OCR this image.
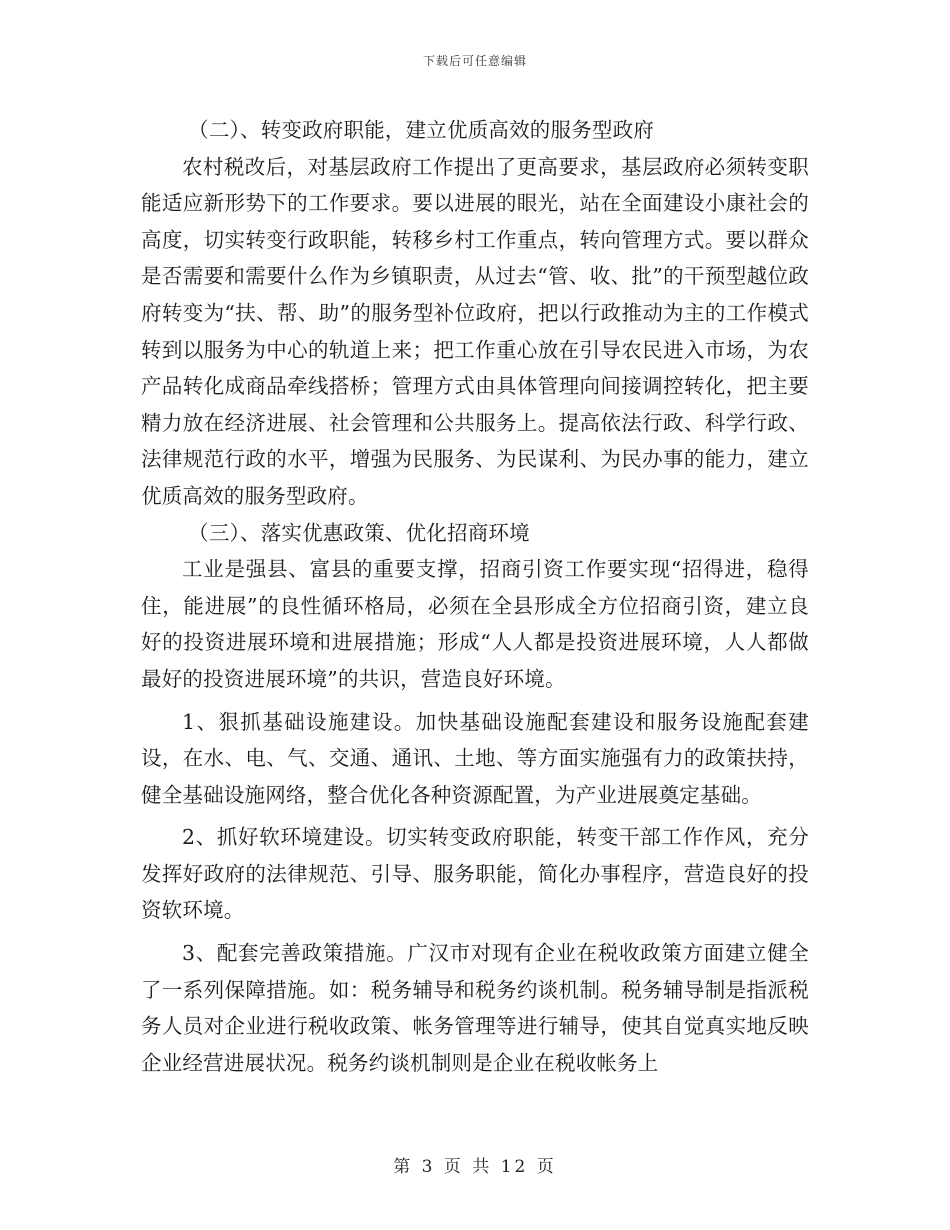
下载后可任意编辑

（二）、转变政府职能，建立优质高效的服务型政府

农村税改后，对基层政府工作提出了更高要求，基层政府必须转变职能适应新形势下的工作要求。要以进展的眼光，站在全面建设小康社会的高度，切实转变行政职能，转移乡村工作重点，转向管理方式。要以群众是否需要和需要什么作为乡镇职责，从过去“管、收、批”的干预型越位政府转变为“扶、帮、助”的服务型补位政府，把以行政推动为主的工作模式转到以服务为中心的轨道上来；把工作重心放在引导农民进入市场，为农产品转化成商品牵线搭桥；管理方式由具体管理向间接调控转化，把主要精力放在经济进展、社会管理和公共服务上。提高依法行政、科学行政、法律规范行政的水平，增强为民服务、为民谋利、为民办事的能力，建立优质高效的服务型政府。

（三）、落实优惠政策、优化招商环境

工业是强县、富县的重要支撑，招商引资工作要实现“招得进，稳得住，能进展”的良性循环格局，必须在全县形成全方位招商引资，建立良好的投资进展环境和进展措施；形成“人人都是投资进展环境，人人都做最好的投资进展环境”的共识，营造良好环境。

1、狠抓基础设施建设。加快基础设施配套建设和服务设施配套建设，在水、电、气、交通、通讯、土地、等方面实施强有力的政策扶持，健全基础设施网络，整合优化各种资源配置，为产业进展奠定基础。

2、抓好软环境建设。切实转变政府职能，转变干部工作作风，充分发挥好政府的法律规范、引导、服务职能，简化办事程序，营造良好的投资软环境。

3、配套完善政策措施。广汉市对现有企业在税收政策方面建立健全了一系列保障措施。如：税务辅导和税务约谈机制。税务辅导制是指派税务人员对企业进行税收政策、帐务管理等进行辅导，使其自觉真实地反映企业经营进展状况。税务约谈机制则是企业在税收帐务上

第 3 页 共 12 页
